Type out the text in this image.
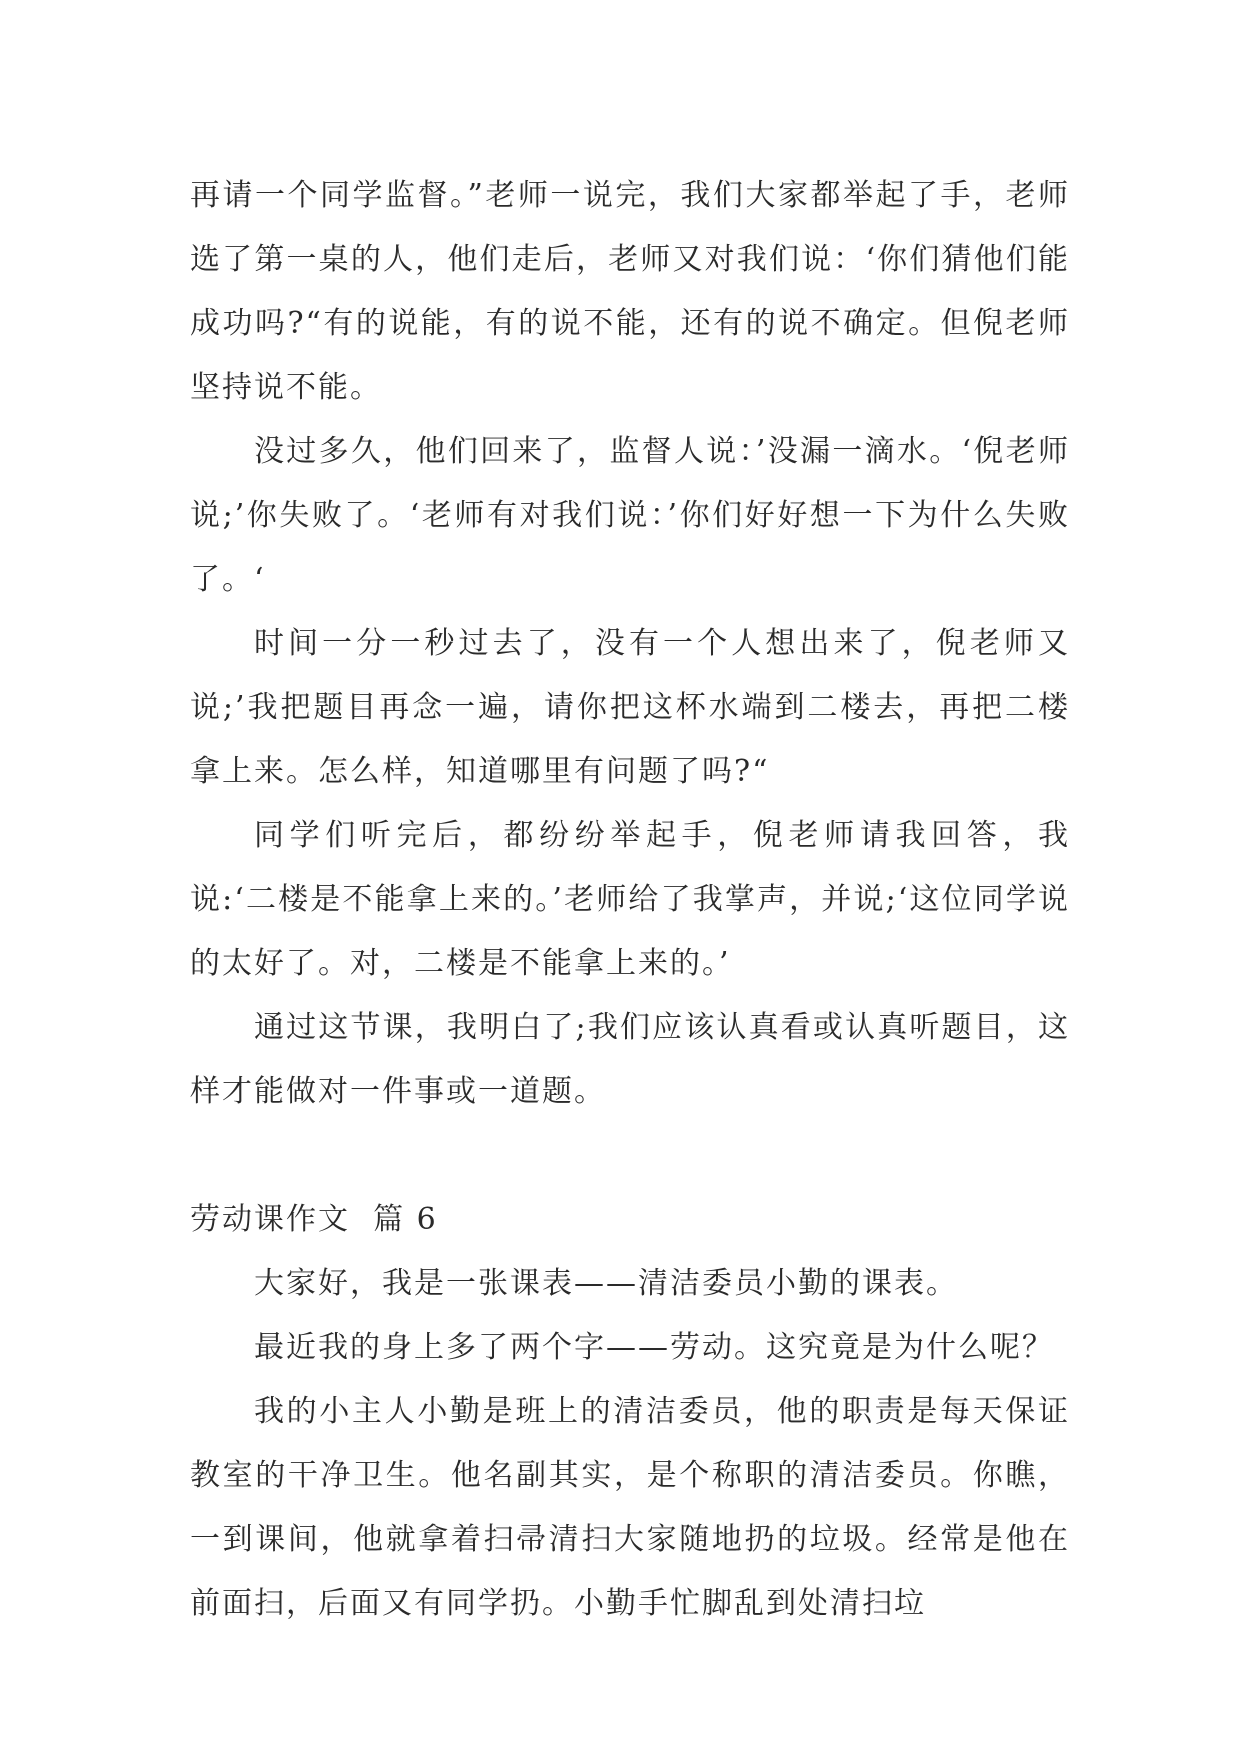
再请一个同学监督。”老师一说完，我们大家都举起了手，老师选了第一桌的人，他们走后，老师又对我们说：‘你们猜他们能成功吗?“有的说能，有的说不能，还有的说不确定。但倪老师坚持说不能。

没过多久，他们回来了，监督人说：’没漏一滴水。‘倪老师说;’你失败了。‘老师有对我们说：’你们好好想一下为什么失败了。‘

时间一分一秒过去了，没有一个人想出来了，倪老师又说;’我把题目再念一遍，请你把这杯水端到二楼去，再把二楼拿上来。怎么样，知道哪里有问题了吗?“

同学们听完后，都纷纷举起手，倪老师请我回答，我说:‘二楼是不能拿上来的。’老师给了我掌声，并说;‘这位同学说的太好了。对，二楼是不能拿上来的。’

通过这节课，我明白了;我们应该认真看或认真听题目，这样才能做对一件事或一道题。

劳动课作文  篇 6

大家好，我是一张课表——清洁委员小勤的课表。

最近我的身上多了两个字——劳动。这究竟是为什么呢？

我的小主人小勤是班上的清洁委员，他的职责是每天保证教室的干净卫生。他名副其实，是个称职的清洁委员。你瞧，一到课间，他就拿着扫帚清扫大家随地扔的垃圾。经常是他在前面扫，后面又有同学扔。小勤手忙脚乱到处清扫垃
